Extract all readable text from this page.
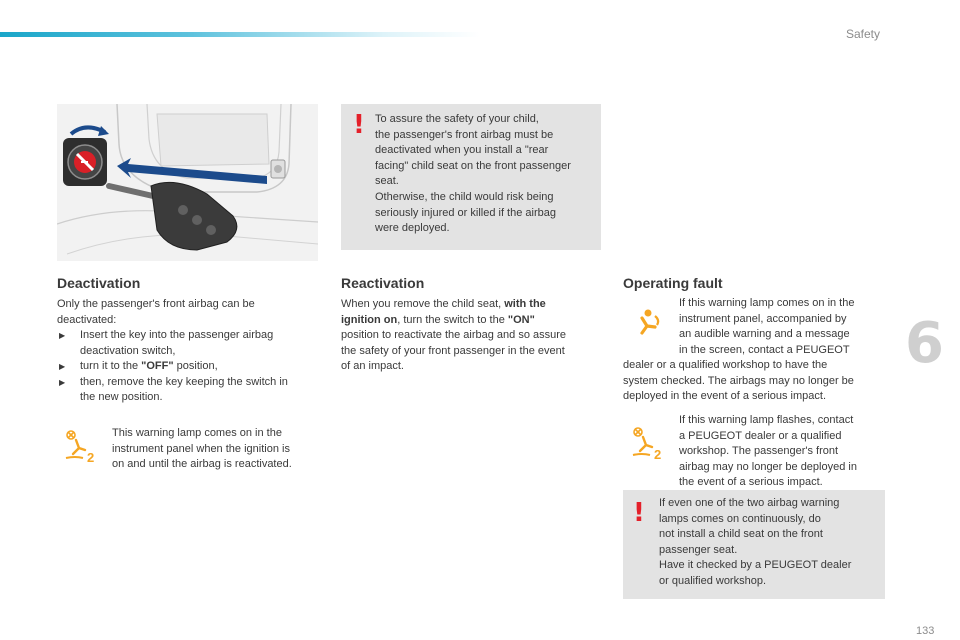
Safety
6
! To assure the safety of your child,
the passenger's front airbag must be
deactivated when you install a "rear
facing" child seat on the front passenger
seat.
Otherwise, the child would risk being
seriously injured or killed if the airbag
were deployed.
Deactivation
Only the passenger's front airbag can be
deactivated:
▶ Insert the key into the passenger airbag
deactivation switch,
▶ turn it to the "OFF" position,
▶ then, remove the key keeping the switch in
the new position.
2
This warning lamp comes on in the
instrument panel when the ignition is
on and until the airbag is reactivated.
Reactivation
When you remove the child seat, with the
ignition on, turn the switch to the "ON"
position to reactivate the airbag and so assure
the safety of your front passenger in the event
of an impact.
Operating fault
If this warning lamp comes on in the
instrument panel, accompanied by
an audible warning and a message
in the screen, contact a PEUGEOT
dealer or a qualified workshop to have the
system checked. The airbags may no longer be
deployed in the event of a serious impact.
2
If this warning lamp flashes, contact
a PEUGEOT dealer or a qualified
workshop. The passenger's front
airbag may no longer be deployed in
the event of a serious impact.
! If even one of the two airbag warning
lamps comes on continuously, do
not install a child seat on the front
passenger seat.
Have it checked by a PEUGEOT dealer
or qualified workshop.
133
